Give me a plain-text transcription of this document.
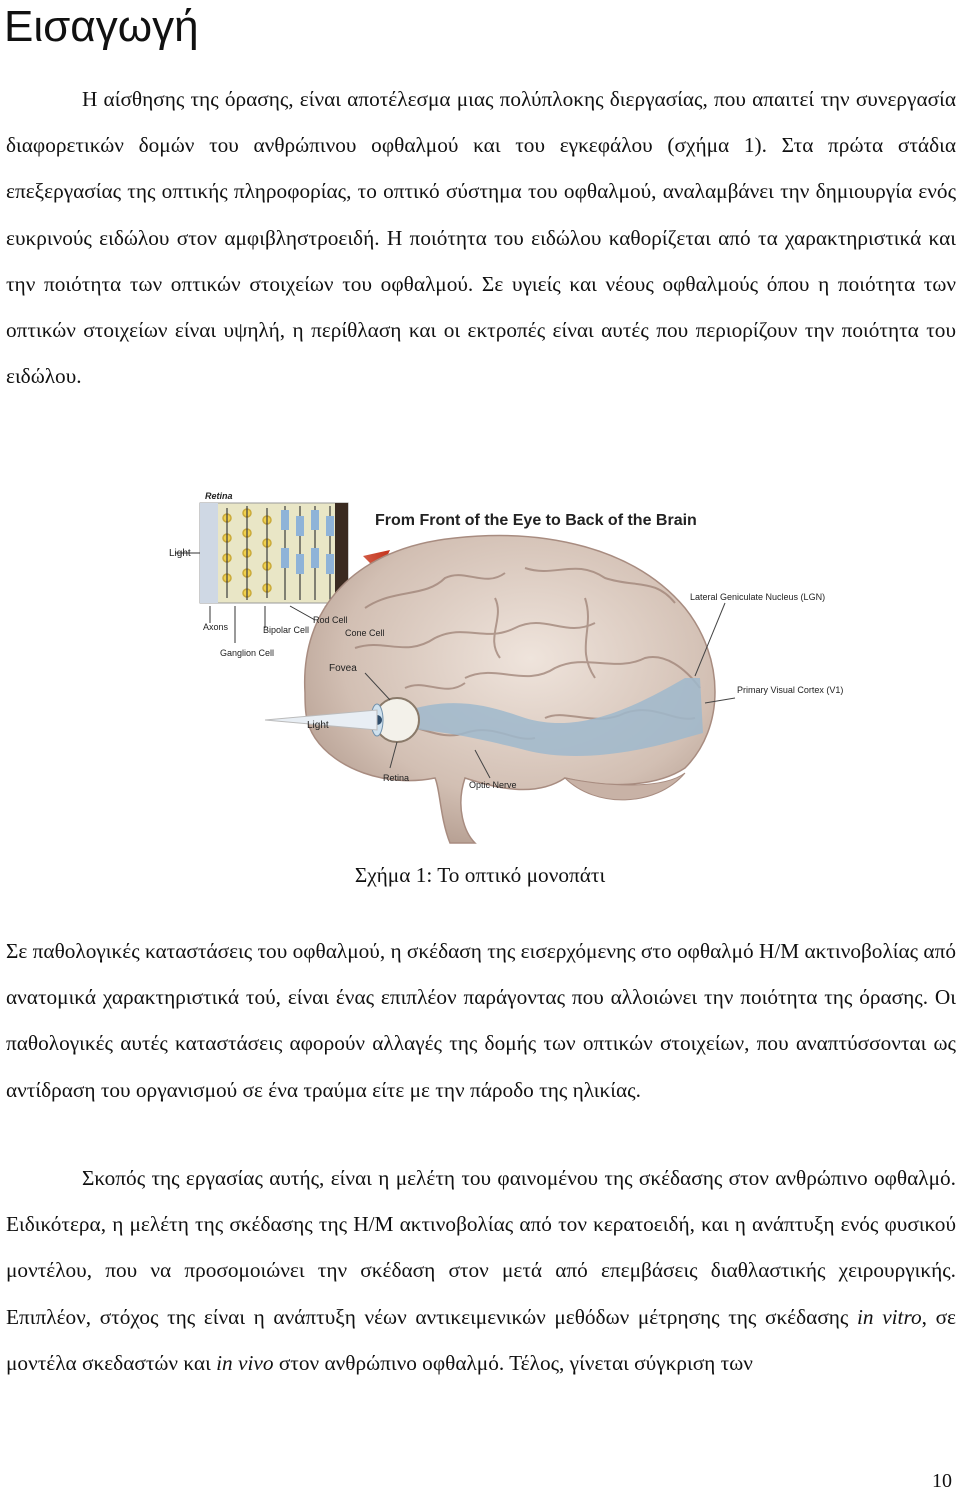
Εισαγωγή

Η αίσθησης της όρασης, είναι αποτέλεσμα μιας πολύπλοκης διεργασίας, που απαιτεί την συνεργασία διαφορετικών δομών του ανθρώπινου οφθαλμού και του εγκεφάλου (σχήμα 1). Στα πρώτα στάδια επεξεργασίας της οπτικής πληροφορίας, το οπτικό σύστημα του οφθαλμού, αναλαμβάνει την δημιουργία ενός ευκρινούς ειδώλου στον αμφιβληστροειδή. Η ποιότητα του ειδώλου καθορίζεται από τα χαρακτηριστικά και την ποιότητα των οπτικών στοιχείων του οφθαλμού. Σε υγιείς και νέους οφθαλμούς όπου η ποιότητα των οπτικών στοιχείων είναι υψηλή, η περίθλαση και οι εκτροπές είναι αυτές που περιορίζουν την ποιότητα του ειδώλου.

Retina
Light
Axons	Bipolar Cell
Rod Cell
Cone Cell
Ganglion Cell
Fovea
Light
Retina
Optic Nerve
Lateral Geniculate Nucleus (LGN)
Primary Visual Cortex (V1)
From Front of the Eye to Back of the Brain
Σχήμα 1: Το οπτικό μονοπάτι

Σε παθολογικές καταστάσεις του οφθαλμού, η σκέδαση της εισερχόμενης στο οφθαλμό Η/Μ ακτινοβολίας από ανατομικά χαρακτηριστικά τού, είναι ένας επιπλέον παράγοντας που αλλοιώνει την ποιότητα της όρασης. Οι παθολογικές αυτές καταστάσεις αφορούν αλλαγές της δομής των οπτικών στοιχείων, που αναπτύσσονται ως αντίδραση του οργανισμού σε ένα τραύμα είτε με την πάροδο της ηλικίας.

Σκοπός της εργασίας αυτής, είναι η μελέτη του φαινομένου της σκέδασης στον ανθρώπινο οφθαλμό. Ειδικότερα, η μελέτη της σκέδασης της Η/Μ ακτινοβολίας από τον κερατοειδή, και η ανάπτυξη ενός φυσικού μοντέλου, που να προσομοιώνει την σκέδαση στον μετά από επεμβάσεις διαθλαστικής χειρουργικής. Επιπλέον, στόχος της είναι η ανάπτυξη νέων αντικειμενικών μεθόδων μέτρησης της σκέδασης in vitro, σε μοντέλα σκεδαστών και in vivo στον ανθρώπινο οφθαλμό. Τέλος, γίνεται σύγκριση των

10
